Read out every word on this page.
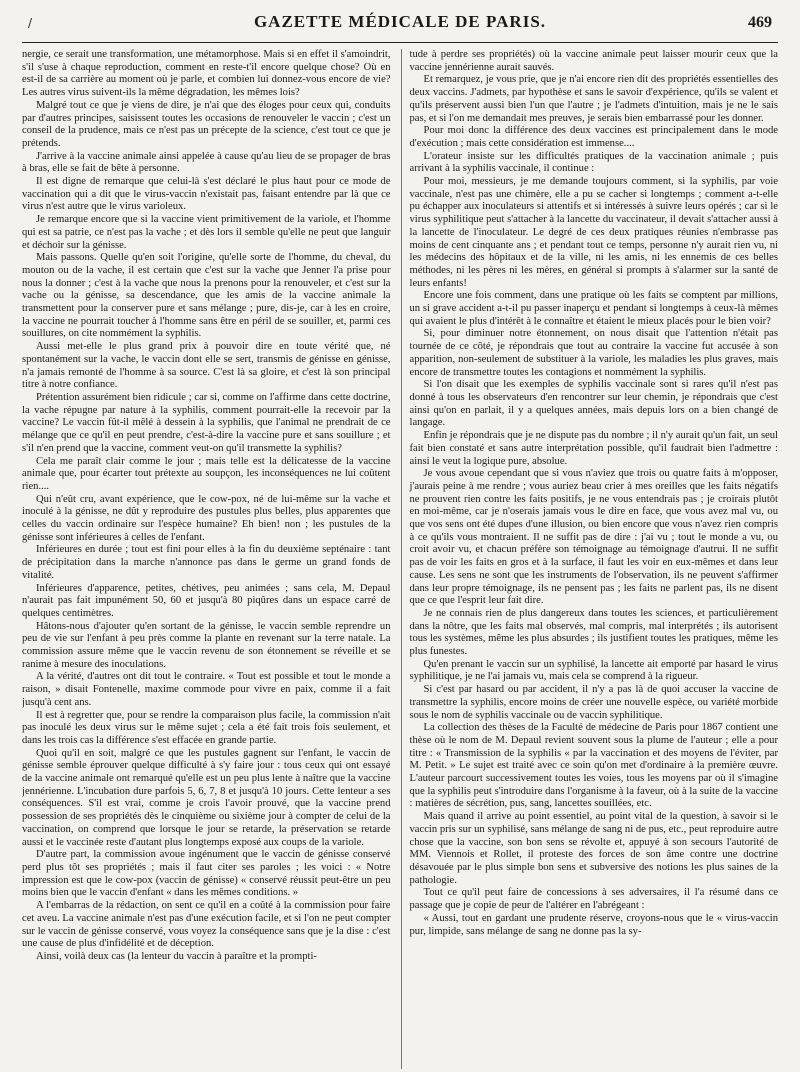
/	GAZETTE MÉDICALE DE PARIS.	469

nergie, ce serait une transformation, une métamorphose. Mais si en effet il s'amoindrit, s'il s'use à chaque reproduction, comment en reste-t'il encore quelque chose? Où en est-il de sa carrière au moment où je parle, et combien lui donnez-vous encore de vie? Les autres virus suivent-ils la même dégradation, les mêmes lois?

Malgré tout ce que je viens de dire, je n'ai que des éloges pour ceux qui, conduits par d'autres principes, saisissent toutes les occasions de renouveler le vaccin ; c'est un conseil de la prudence, mais ce n'est pas un précepte de la science, c'est tout ce que je prétends.

J'arrive à la vaccine animale ainsi appelée à cause qu'au lieu de se propager de bras à bras, elle se fait de bête à personne.

Il est digne de remarque que celui-là s'est déclaré le plus haut pour ce mode de vaccination qui a dit que le virus-vaccin n'existait pas, faisant entendre par là que ce virus n'est autre que le virus varioleux.

Je remarque encore que si la vaccine vient primitivement de la variole, et l'homme qui est sa patrie, ce n'est pas la vache ; et dès lors il semble qu'elle ne peut que languir et déchoir sur la génisse.

Mais passons. Quelle qu'en soit l'origine, qu'elle sorte de l'homme, du cheval, du mouton ou de la vache, il est certain que c'est sur la vache que Jenner l'a prise pour nous la donner ; c'est à la vache que nous la prenons pour la renouveler, et c'est sur la vache ou la génisse, sa descendance, que les amis de la vaccine animale la transmettent pour la conserver pure et sans mélange ; pure, dis-je, car à les en croire, la vaccine ne pourrait toucher à l'homme sans être en péril de se souiller, et, parmi ces souillures, on cite nommément la syphilis.

Aussi met-elle le plus grand prix à pouvoir dire en toute vérité que, né spontanément sur la vache, le vaccin dont elle se sert, transmis de génisse en génisse, n'a jamais remonté de l'homme à sa source. C'est là sa gloire, et c'est là son principal titre à notre confiance.

Prétention assurément bien ridicule ; car si, comme on l'affirme dans cette doctrine, la vache répugne par nature à la syphilis, comment pourrait-elle la recevoir par la vaccine? Le vaccin fût-il mêlé à dessein à la syphilis, que l'animal ne prendrait de ce mélange que ce qu'il en peut prendre, c'est-à-dire la vaccine pure et sans souillure ; et s'il n'en prend que la vaccine, comment veut-on qu'il transmette la syphilis?

Cela me paraît clair comme le jour ; mais telle est la délicatesse de la vaccine animale que, pour écarter tout prétexte au soupçon, les inconséquences ne lui coûtent rien....

Qui n'eût cru, avant expérience, que le cow-pox, né de lui-même sur la vache et inoculé à la génisse, ne dût y reproduire des pustules plus belles, plus apparentes que celles du vaccin ordinaire sur l'espèce humaine? Eh bien! non ; les pustules de la génisse sont inférieures à celles de l'enfant.

Inférieures en durée ; tout est fini pour elles à la fin du deuxième septénaire : tant de précipitation dans la marche n'annonce pas dans le germe un grand fonds de vitalité.

Inférieures d'apparence, petites, chétives, peu animées ; sans cela, M. Depaul n'aurait pas fait impunément 50, 60 et jusqu'à 80 piqûres dans un espace carré de quelques centimètres.

Hâtons-nous d'ajouter qu'en sortant de la génisse, le vaccin semble reprendre un peu de vie sur l'enfant à peu près comme la plante en revenant sur la terre natale. La commission assure même que le vaccin revenu de son étonnement se réveille et se ranime à mesure des inoculations.

A la vérité, d'autres ont dit tout le contraire. « Tout est possible et tout le monde a raison, » disait Fontenelle, maxime commode pour vivre en paix, comme il a fait jusqu'à cent ans.

Il est à regretter que, pour se rendre la comparaison plus facile, la commission n'ait pas inoculé les deux virus sur le même sujet ; cela a été fait trois fois seulement, et dans les trois cas la différence s'est effacée en grande partie.

Quoi qu'il en soit, malgré ce que les pustules gagnent sur l'enfant, le vaccin de génisse semble éprouver quelque difficulté à s'y faire jour : tous ceux qui ont essayé de la vaccine animale ont remarqué qu'elle est un peu plus lente à naître que la vaccine jennérienne. L'incubation dure parfois 5, 6, 7, 8 et jusqu'à 10 jours. Cette lenteur a ses conséquences. S'il est vrai, comme je crois l'avoir prouvé, que la vaccine prend possession de ses propriétés dès le cinquième ou sixième jour à compter de celui de la vaccination, on comprend que lorsque le jour se retarde, la préservation se retarde aussi et le vaccinée reste d'autant plus longtemps exposé aux coups de la variole.

D'autre part, la commission avoue ingénument que le vaccin de génisse conservé perd plus tôt ses propriétés ; mais il faut citer ses paroles ; les voici : « Notre impression est que le cow-pox (vaccin de génisse) « conservé réussit peut-être un peu moins bien que le vaccin d'enfant « dans les mêmes conditions. »

A l'embarras de la rédaction, on sent ce qu'il en a coûté à la commission pour faire cet aveu. La vaccine animale n'est pas d'une exécution facile, et si l'on ne peut compter sur le vaccin de génisse conservé, vous voyez la conséquence sans que je la dise : c'est une cause de plus d'infidélité et de déception.

Ainsi, voilà deux cas (la lenteur du vaccin à paraître et la prompti-

tude à perdre ses propriétés) où la vaccine animale peut laisser mourir ceux que la vaccine jennérienne aurait sauvés.

Et remarquez, je vous prie, que je n'ai encore rien dit des propriétés essentielles des deux vaccins. J'admets, par hypothèse et sans le savoir d'expérience, qu'ils se valent et qu'ils préservent aussi bien l'un que l'autre ; je l'admets d'intuition, mais je ne le sais pas, et si l'on me demandait mes preuves, je serais bien embarrassé pour les donner.

Pour moi donc la différence des deux vaccines est principalement dans le mode d'exécution ; mais cette considération est immense....

L'orateur insiste sur les difficultés pratiques de la vaccination animale ; puis arrivant à la syphilis vaccinale, il continue :

Pour moi, messieurs, je me demande toujours comment, si la syphilis, par voie vaccinale, n'est pas une chimère, elle a pu se cacher si longtemps ; comment a-t-elle pu échapper aux inoculateurs si attentifs et si intéressés à suivre leurs opérés ; car si le virus syphilitique peut s'attacher à la lancette du vaccinateur, il devait s'attacher aussi à la lancette de l'inoculateur. Le degré de ces deux pratiques réunies n'embrasse pas moins de cent cinquante ans ; et pendant tout ce temps, personne n'y aurait rien vu, ni les médecins des hôpitaux et de la ville, ni les amis, ni les ennemis de ces belles méthodes, ni les pères ni les mères, en général si prompts à s'alarmer sur la santé de leurs enfants!

Encore une fois comment, dans une pratique où les faits se comptent par millions, un si grave accident a-t-il pu passer inaperçu et pendant si longtemps à ceux-là mêmes qui avaient le plus d'intérêt à le connaître et étaient le mieux placés pour le bien voir?

Si, pour diminuer notre étonnement, on nous disait que l'attention n'était pas tournée de ce côté, je répondrais que tout au contraire la vaccine fut accusée à son apparition, non-seulement de substituer à la variole, les maladies les plus graves, mais encore de transmettre toutes les contagions et nommément la syphilis.

Si l'on disait que les exemples de syphilis vaccinale sont si rares qu'il n'est pas donné à tous les observateurs d'en rencontrer sur leur chemin, je répondrais que c'est ainsi qu'on en parlait, il y a quelques années, mais depuis lors on a bien changé de langage.

Enfin je répondrais que je ne dispute pas du nombre ; il n'y aurait qu'un fait, un seul fait bien constaté et sans autre interprétation possible, qu'il faudrait bien l'admettre : ainsi le veut la logique pure, absolue.

Je vous avoue cependant que si vous n'aviez que trois ou quatre faits à m'opposer, j'aurais peine à me rendre ; vous auriez beau crier à mes oreilles que les faits négatifs ne prouvent rien contre les faits positifs, je ne vous entendrais pas ; je croirais plutôt en moi-même, car je n'oserais jamais vous le dire en face, que vous avez mal vu, ou que vos sens ont été dupes d'une illusion, ou bien encore que vous n'avez rien compris à ce qu'ils vous montraient. Il ne suffit pas de dire : j'ai vu ; tout le monde a vu, ou croit avoir vu, et chacun préfère son témoignage au témoignage d'autrui. Il ne suffit pas de voir les faits en gros et à la surface, il faut les voir en eux-mêmes et dans leur cause. Les sens ne sont que les instruments de l'observation, ils ne peuvent s'affirmer dans leur propre témoignage, ils ne pensent pas ; les faits ne parlent pas, ils ne disent que ce que l'esprit leur fait dire.

Je ne connais rien de plus dangereux dans toutes les sciences, et particulièrement dans la nôtre, que les faits mal observés, mal compris, mal interprétés ; ils autorisent tous les systèmes, même les plus absurdes ; ils justifient toutes les pratiques, même les plus funestes.

Qu'en prenant le vaccin sur un syphilisé, la lancette ait emporté par hasard le virus syphilitique, je ne l'ai jamais vu, mais cela se comprend à la rigueur.

Si c'est par hasard ou par accident, il n'y a pas là de quoi accuser la vaccine de transmettre la syphilis, encore moins de créer une nouvelle espèce, ou variété morbide sous le nom de syphilis vaccinale ou de vaccin syphilitique.

La collection des thèses de la Faculté de médecine de Paris pour 1867 contient une thèse où le nom de M. Depaul revient souvent sous la plume de l'auteur ; elle a pour titre : « Transmission de la syphilis « par la vaccination et des moyens de l'éviter, par M. Petit. » Le sujet est traité avec ce soin qu'on met d'ordinaire à la première œuvre. L'auteur parcourt successivement toutes les voies, tous les moyens par où il s'imagine que la syphilis peut s'introduire dans l'organisme à la faveur, où à la suite de la vaccine : matières de sécrétion, pus, sang, lancettes souillées, etc.

Mais quand il arrive au point essentiel, au point vital de la question, à savoir si le vaccin pris sur un syphilisé, sans mélange de sang ni de pus, etc., peut reproduire autre chose que la vaccine, son bon sens se révolte et, appuyé à son secours l'autorité de MM. Viennois et Rollet, il proteste des forces de son âme contre une doctrine désavouée par le plus simple bon sens et subversive des notions les plus saines de la pathologie.

Tout ce qu'il peut faire de concessions à ses adversaires, il l'a résumé dans ce passage que je copie de peur de l'altérer en l'abrégeant :

« Aussi, tout en gardant une prudente réserve, croyons-nous que le « virus-vaccin pur, limpide, sans mélange de sang ne donne pas la sy-
